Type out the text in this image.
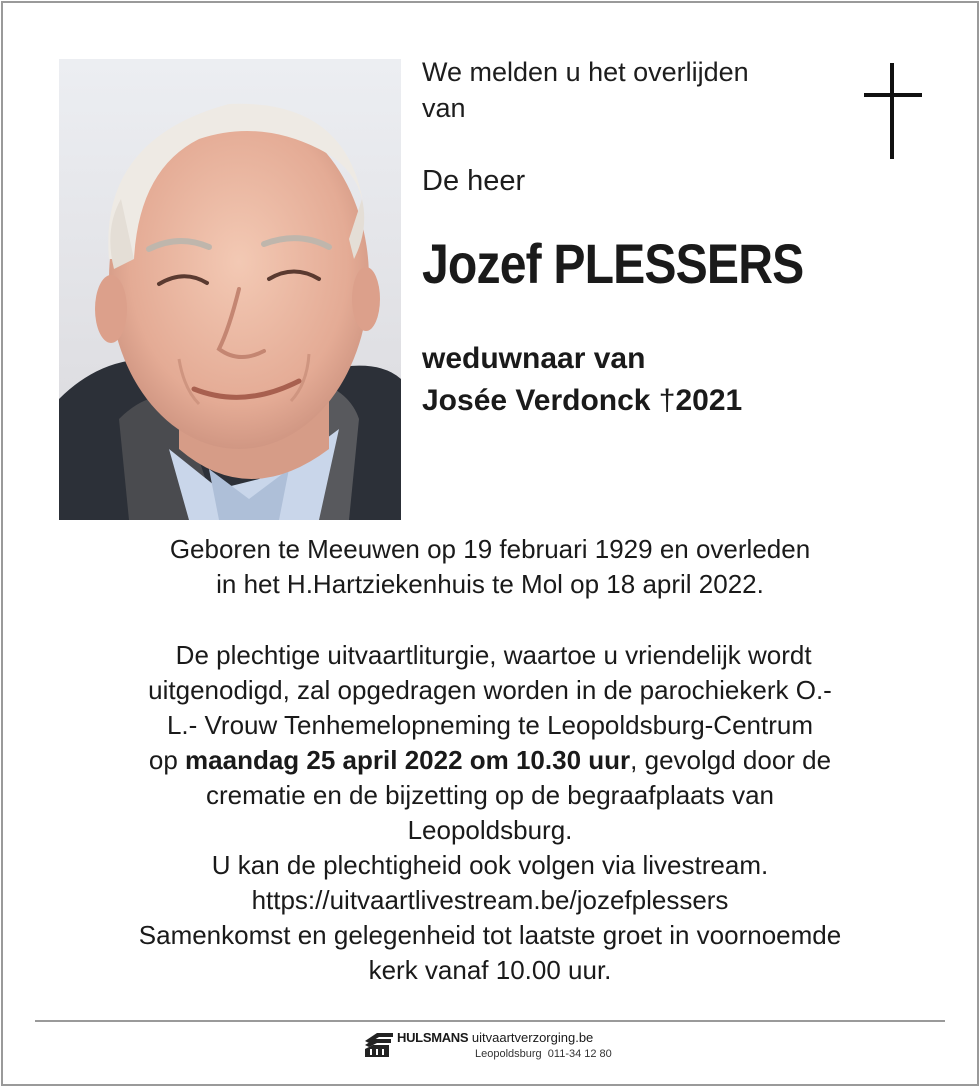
We melden u het overlijden
van
De heer
Jozef PLESSERS
weduwnaar van
Josée Verdonck †2021
Geboren te Meeuwen op 19 februari 1929 en overleden
in het H.Hartziekenhuis te Mol op 18 april 2022.
De plechtige uitvaartliturgie, waartoe u vriendelijk wordt
uitgenodigd, zal opgedragen worden in de parochiekerk O.-
L.- Vrouw Tenhemelopneming te Leopoldsburg-Centrum
op maandag 25 april 2022 om 10.30 uur, gevolgd door de
crematie en de bijzetting op de begraafplaats van
Leopoldsburg.
U kan de plechtigheid ook volgen via livestream.
https://uitvaartlivestream.be/jozefplessers
Samenkomst en gelegenheid tot laatste groet in voornoemde
kerk vanaf 10.00 uur.
HULSMANS uitvaartverzorging.be
Leopoldsburg  011-34 12 80
